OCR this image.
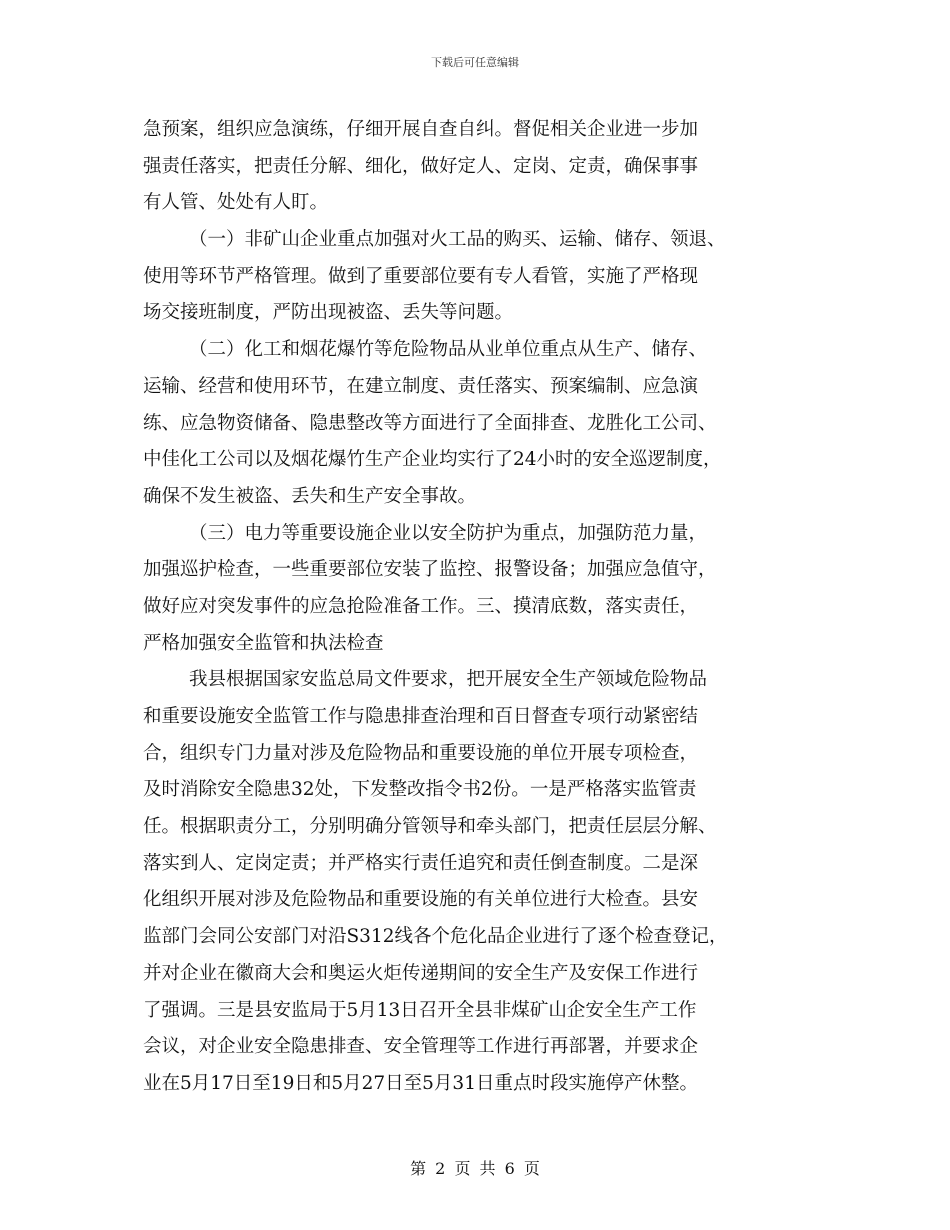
下载后可任意编辑
急预案，组织应急演练，仔细开展自查自纠。督促相关企业进一步加
强责任落实，把责任分解、细化，做好定人、定岗、定责，确保事事
有人管、处处有人盯。
（一）非矿山企业重点加强对火工品的购买、运输、储存、领退、
使用等环节严格管理。做到了重要部位要有专人看管，实施了严格现
场交接班制度，严防出现被盗、丢失等问题。
（二）化工和烟花爆竹等危险物品从业单位重点从生产、储存、
运输、经营和使用环节，在建立制度、责任落实、预案编制、应急演
练、应急物资储备、隐患整改等方面进行了全面排查、龙胜化工公司、
中佳化工公司以及烟花爆竹生产企业均实行了24小时的安全巡逻制度，
确保不发生被盗、丢失和生产安全事故。
（三）电力等重要设施企业以安全防护为重点，加强防范力量，
加强巡护检查，一些重要部位安装了监控、报警设备；加强应急值守，
做好应对突发事件的应急抢险准备工作。三、摸清底数，落实责任，
严格加强安全监管和执法检查
我县根据国家安监总局文件要求，把开展安全生产领域危险物品
和重要设施安全监管工作与隐患排查治理和百日督查专项行动紧密结
合，组织专门力量对涉及危险物品和重要设施的单位开展专项检查，
及时消除安全隐患32处，下发整改指令书2份。一是严格落实监管责
任。根据职责分工，分别明确分管领导和牵头部门，把责任层层分解、
落实到人、定岗定责；并严格实行责任追究和责任倒查制度。二是深
化组织开展对涉及危险物品和重要设施的有关单位进行大检查。县安
监部门会同公安部门对沿S312线各个危化品企业进行了逐个检查登记，
并对企业在徽商大会和奥运火炬传递期间的安全生产及安保工作进行
了强调。三是县安监局于5月13日召开全县非煤矿山企安全生产工作
会议，对企业安全隐患排查、安全管理等工作进行再部署，并要求企
业在5月17日至19日和5月27日至5月31日重点时段实施停产休整。
第 2 页 共 6 页
